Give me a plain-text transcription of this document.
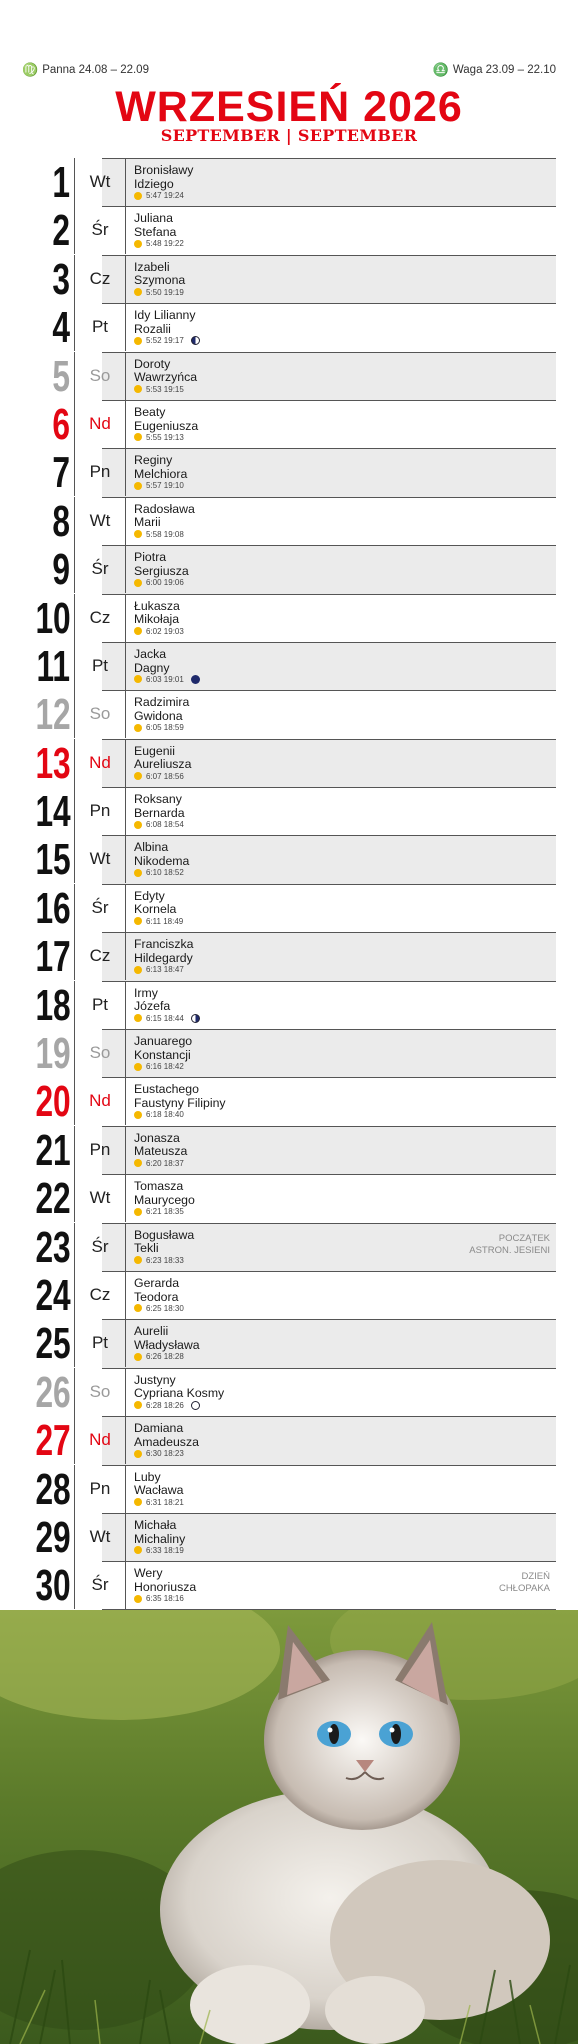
♍ Panna 24.08 – 22.09	♎ Waga 23.09 – 22.10
WRZESIEŃ 2026
SEPTEMBER | SEPTEMBER
1	Wt
Bronisławy
Idziego
5:47 19:24
2	Śr
Juliana
Stefana
5:48 19:22
3	Cz
Izabeli
Szymona
5:50 19:19
4	Pt
Idy Lilianny
Rozalii
5:52 19:17
5	So
Doroty
Wawrzyńca
5:53 19:15
6	Nd
Beaty
Eugeniusza
5:55 19:13
7	Pn
Reginy
Melchiora
5:57 19:10
8	Wt
Radosława
Marii
5:58 19:08
9	Śr
Piotra
Sergiusza
6:00 19:06
10	Cz
Łukasza
Mikołaja
6:02 19:03
11	Pt
Jacka
Dagny
6:03 19:01
12	So
Radzimira
Gwidona
6:05 18:59
13	Nd
Eugenii
Aureliusza
6:07 18:56
14	Pn
Roksany
Bernarda
6:08 18:54
15	Wt
Albina
Nikodema
6:10 18:52
16	Śr
Edyty
Kornela
6:11 18:49
17	Cz
Franciszka
Hildegardy
6:13 18:47
18	Pt
Irmy
Józefa
6:15 18:44
19	So
Januarego
Konstancji
6:16 18:42
20	Nd
Eustachego
Faustyny Filipiny
6:18 18:40
21	Pn
Jonasza
Mateusza
6:20 18:37
22	Wt
Tomasza
Maurycego
6:21 18:35
23	Śr
Bogusława
Tekli
6:23 18:33
POCZĄTEK
ASTRON. JESIENI
24	Cz
Gerarda
Teodora
6:25 18:30
25	Pt
Aurelii
Władysława
6:26 18:28
26	So
Justyny
Cypriana Kosmy
6:28 18:26
27	Nd
Damiana
Amadeusza
6:30 18:23
28	Pn
Luby
Wacława
6:31 18:21
29	Wt
Michała
Michaliny
6:33 18:19
30	Śr
Wery
Honoriusza
6:35 18:16
DZIEŃ
CHŁOPAKA
